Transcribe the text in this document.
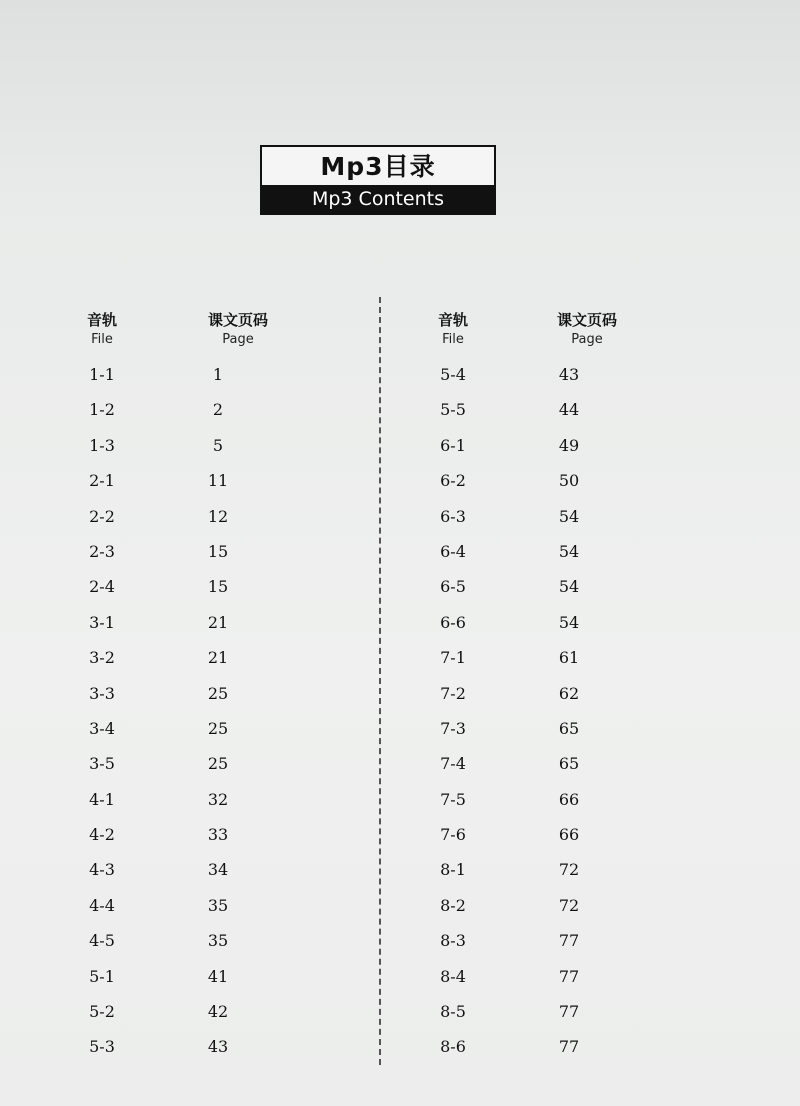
Mp3目录
Mp3 Contents
音轨
File
课文页码
Page
音轨
File
课文页码
Page
1-1	1
1-2	2
1-3	5
2-1	11
2-2	12
2-3	15
2-4	15
3-1	21
3-2	21
3-3	25
3-4	25
3-5	25
4-1	32
4-2	33
4-3	34
4-4	35
4-5	35
5-1	41
5-2	42
5-3	43
5-4	43
5-5	44
6-1	49
6-2	50
6-3	54
6-4	54
6-5	54
6-6	54
7-1	61
7-2	62
7-3	65
7-4	65
7-5	66
7-6	66
8-1	72
8-2	72
8-3	77
8-4	77
8-5	77
8-6	77
